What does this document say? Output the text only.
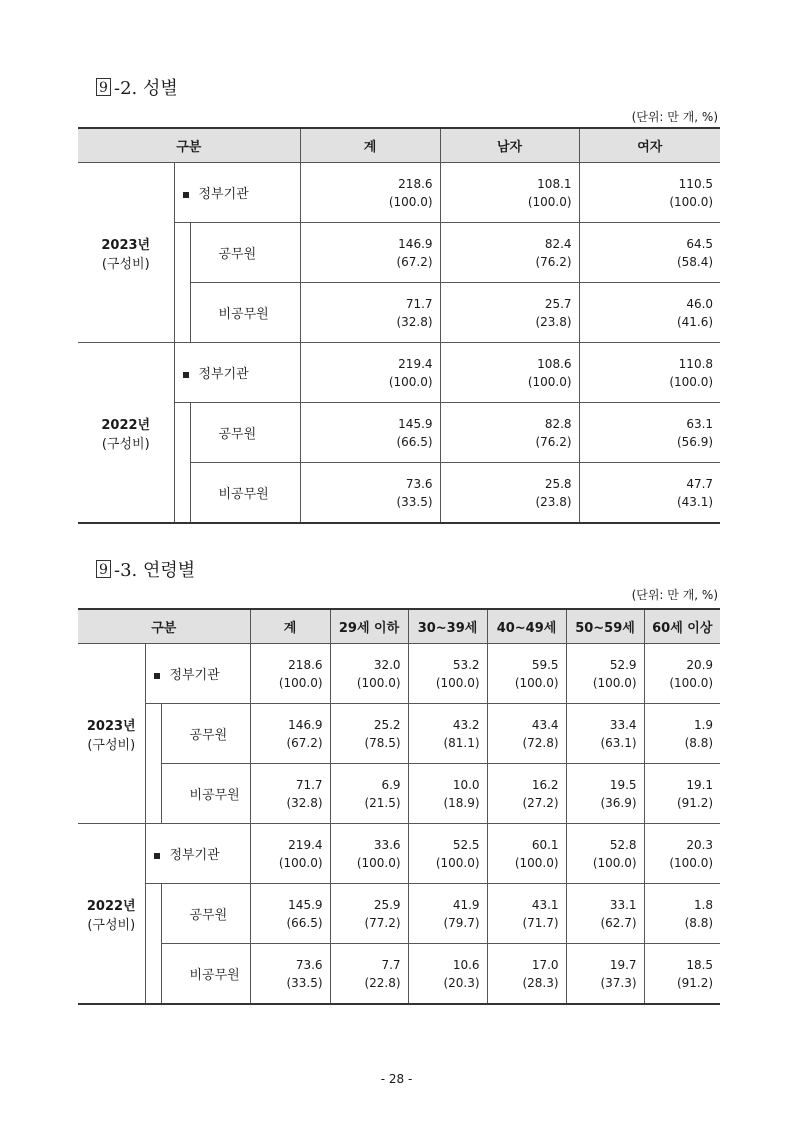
9 -2. 성별
(단위: 만 개, %)
구분			계	남자	여자

2023년
(구성비)	정부기관		218.6	108.1	110.5
			(100.0)	(100.0)	(100.0)
		공무원	146.9	82.4	64.5
			(67.2)	(76.2)	(58.4)
		비공무원	71.7	25.7	46.0
			(32.8)	(23.8)	(41.6)

2022년
(구성비)	정부기관		219.4	108.6	110.8
			(100.0)	(100.0)	(100.0)
		공무원	145.9	82.8	63.1
			(66.5)	(76.2)	(56.9)
		비공무원	73.6	25.8	47.7
			(33.5)	(23.8)	(43.1)
9 -3. 연령별
(단위: 만 개, %)
구분			계	29세 이하	30~39세	40~49세	50~59세	60세 이상

2023년
(구성비)	정부기관		218.6	32.0	53.2	59.5	52.9	20.9
			(100.0)	(100.0)	(100.0)	(100.0)	(100.0)	(100.0)
		공무원	146.9	25.2	43.2	43.4	33.4	1.9
			(67.2)	(78.5)	(81.1)	(72.8)	(63.1)	(8.8)
		비공무원	71.7	6.9	10.0	16.2	19.5	19.1
			(32.8)	(21.5)	(18.9)	(27.2)	(36.9)	(91.2)

2022년
(구성비)	정부기관		219.4	33.6	52.5	60.1	52.8	20.3
			(100.0)	(100.0)	(100.0)	(100.0)	(100.0)	(100.0)
		공무원	145.9	25.9	41.9	43.1	33.1	1.8
			(66.5)	(77.2)	(79.7)	(71.7)	(62.7)	(8.8)
		비공무원	73.6	7.7	10.6	17.0	19.7	18.5
			(33.5)	(22.8)	(20.3)	(28.3)	(37.3)	(91.2)
- 28 -
